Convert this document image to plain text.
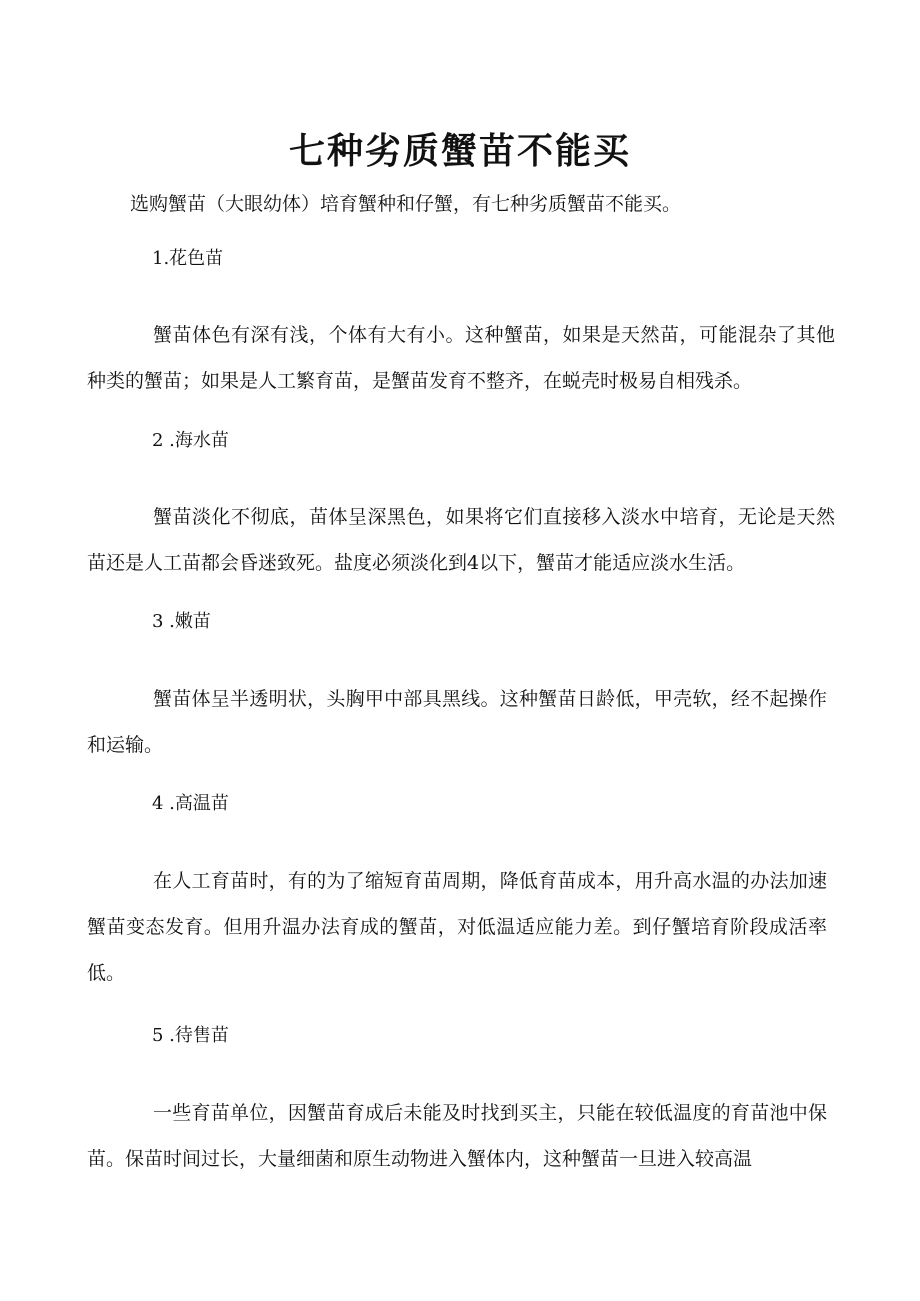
七种劣质蟹苗不能买
选购蟹苗（大眼幼体）培育蟹种和仔蟹，有七种劣质蟹苗不能买。
1.花色苗
蟹苗体色有深有浅，个体有大有小。这种蟹苗，如果是天然苗，可能混杂了其他种类的蟹苗；如果是人工繁育苗，是蟹苗发育不整齐，在蜕壳时极易自相残杀。
2 .海水苗
蟹苗淡化不彻底，苗体呈深黑色，如果将它们直接移入淡水中培育，无论是天然苗还是人工苗都会昏迷致死。盐度必须淡化到4以下，蟹苗才能适应淡水生活。
3 .嫩苗
蟹苗体呈半透明状，头胸甲中部具黑线。这种蟹苗日龄低，甲壳软，经不起操作和运输。
4 .高温苗
在人工育苗时，有的为了缩短育苗周期，降低育苗成本，用升高水温的办法加速蟹苗变态发育。但用升温办法育成的蟹苗，对低温适应能力差。到仔蟹培育阶段成活率低。
5 .待售苗
一些育苗单位，因蟹苗育成后未能及时找到买主，只能在较低温度的育苗池中保苗。保苗时间过长，大量细菌和原生动物进入蟹体内，这种蟹苗一旦进入较高温
